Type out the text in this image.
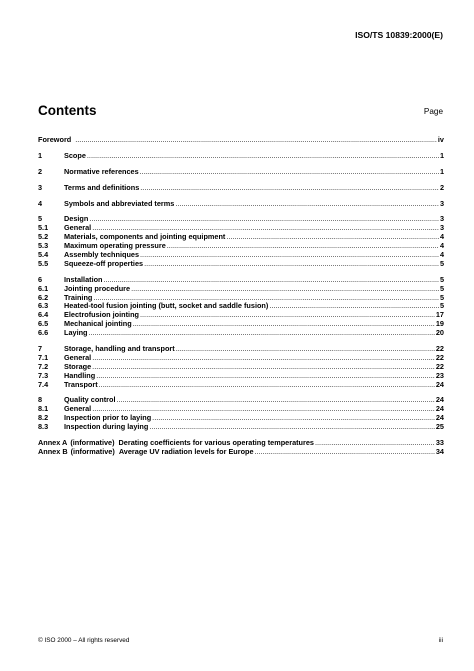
ISO/TS 10839:2000(E)
Contents	Page
Foreword .....	iv
1	Scope .....	1
2	Normative references .....	1
3	Terms and definitions .....	2
4	Symbols and abbreviated terms .....	3
5	Design .....	3
5.1	General .....	3
5.2	Materials, components and jointing equipment .....	4
5.3	Maximum operating pressure .....	4
5.4	Assembly techniques .....	4
5.5	Squeeze-off properties .....	5
6	Installation .....	5
6.1	Jointing procedure .....	5
6.2	Training .....	5
6.3	Heated-tool fusion jointing (butt, socket and saddle fusion) .....	5
6.4	Electrofusion jointing .....	17
6.5	Mechanical jointing .....	19
6.6	Laying .....	20
7	Storage, handling and transport .....	22
7.1	General .....	22
7.2	Storage .....	22
7.3	Handling .....	23
7.4	Transport .....	24
8	Quality control .....	24
8.1	General .....	24
8.2	Inspection prior to laying .....	24
8.3	Inspection during laying .....	25
Annex A (informative) Derating coefficients for various operating temperatures .....	33
Annex B (informative) Average UV radiation levels for Europe .....	34
© ISO 2000 – All rights reserved	iii
